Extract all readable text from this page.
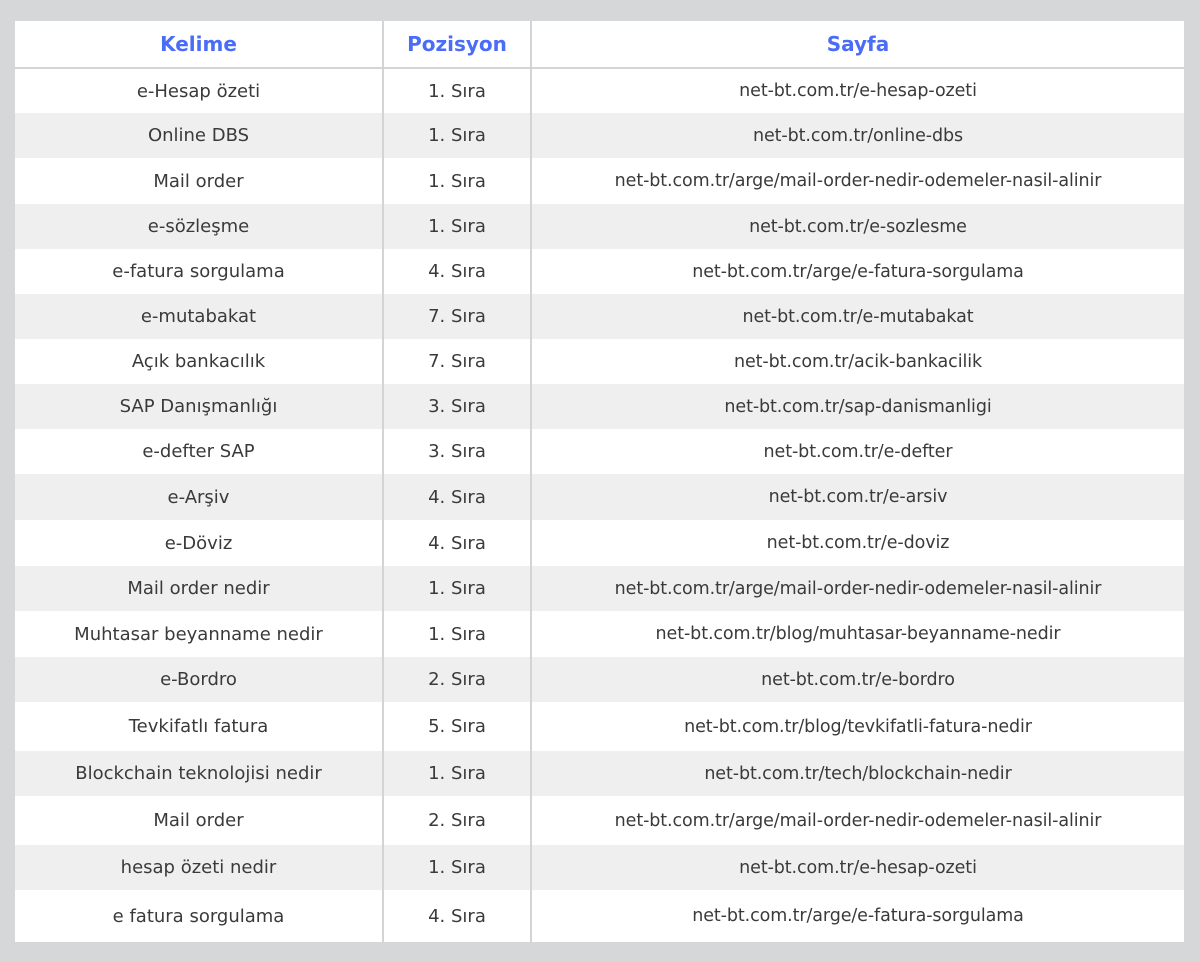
Kelime	Pozisyon	Sayfa
e-Hesap özeti	1. Sıra	net-bt.com.tr/e-hesap-ozeti
Online DBS	1. Sıra	net-bt.com.tr/online-dbs
Mail order	1. Sıra	net-bt.com.tr/arge/mail-order-nedir-odemeler-nasil-alinir
e-sözleşme	1. Sıra	net-bt.com.tr/e-sozlesme
e-fatura sorgulama	4. Sıra	net-bt.com.tr/arge/e-fatura-sorgulama
e-mutabakat	7. Sıra	net-bt.com.tr/e-mutabakat
Açık bankacılık	7. Sıra	net-bt.com.tr/acik-bankacilik
SAP Danışmanlığı	3. Sıra	net-bt.com.tr/sap-danismanligi
e-defter SAP	3. Sıra	net-bt.com.tr/e-defter
e-Arşiv	4. Sıra	net-bt.com.tr/e-arsiv
e-Döviz	4. Sıra	net-bt.com.tr/e-doviz
Mail order nedir	1. Sıra	net-bt.com.tr/arge/mail-order-nedir-odemeler-nasil-alinir
Muhtasar beyanname nedir	1. Sıra	net-bt.com.tr/blog/muhtasar-beyanname-nedir
e-Bordro	2. Sıra	net-bt.com.tr/e-bordro
Tevkifatlı fatura	5. Sıra	net-bt.com.tr/blog/tevkifatli-fatura-nedir
Blockchain teknolojisi nedir	1. Sıra	net-bt.com.tr/tech/blockchain-nedir
Mail order	2. Sıra	net-bt.com.tr/arge/mail-order-nedir-odemeler-nasil-alinir
hesap özeti nedir	1. Sıra	net-bt.com.tr/e-hesap-ozeti
e fatura sorgulama	4. Sıra	net-bt.com.tr/arge/e-fatura-sorgulama
